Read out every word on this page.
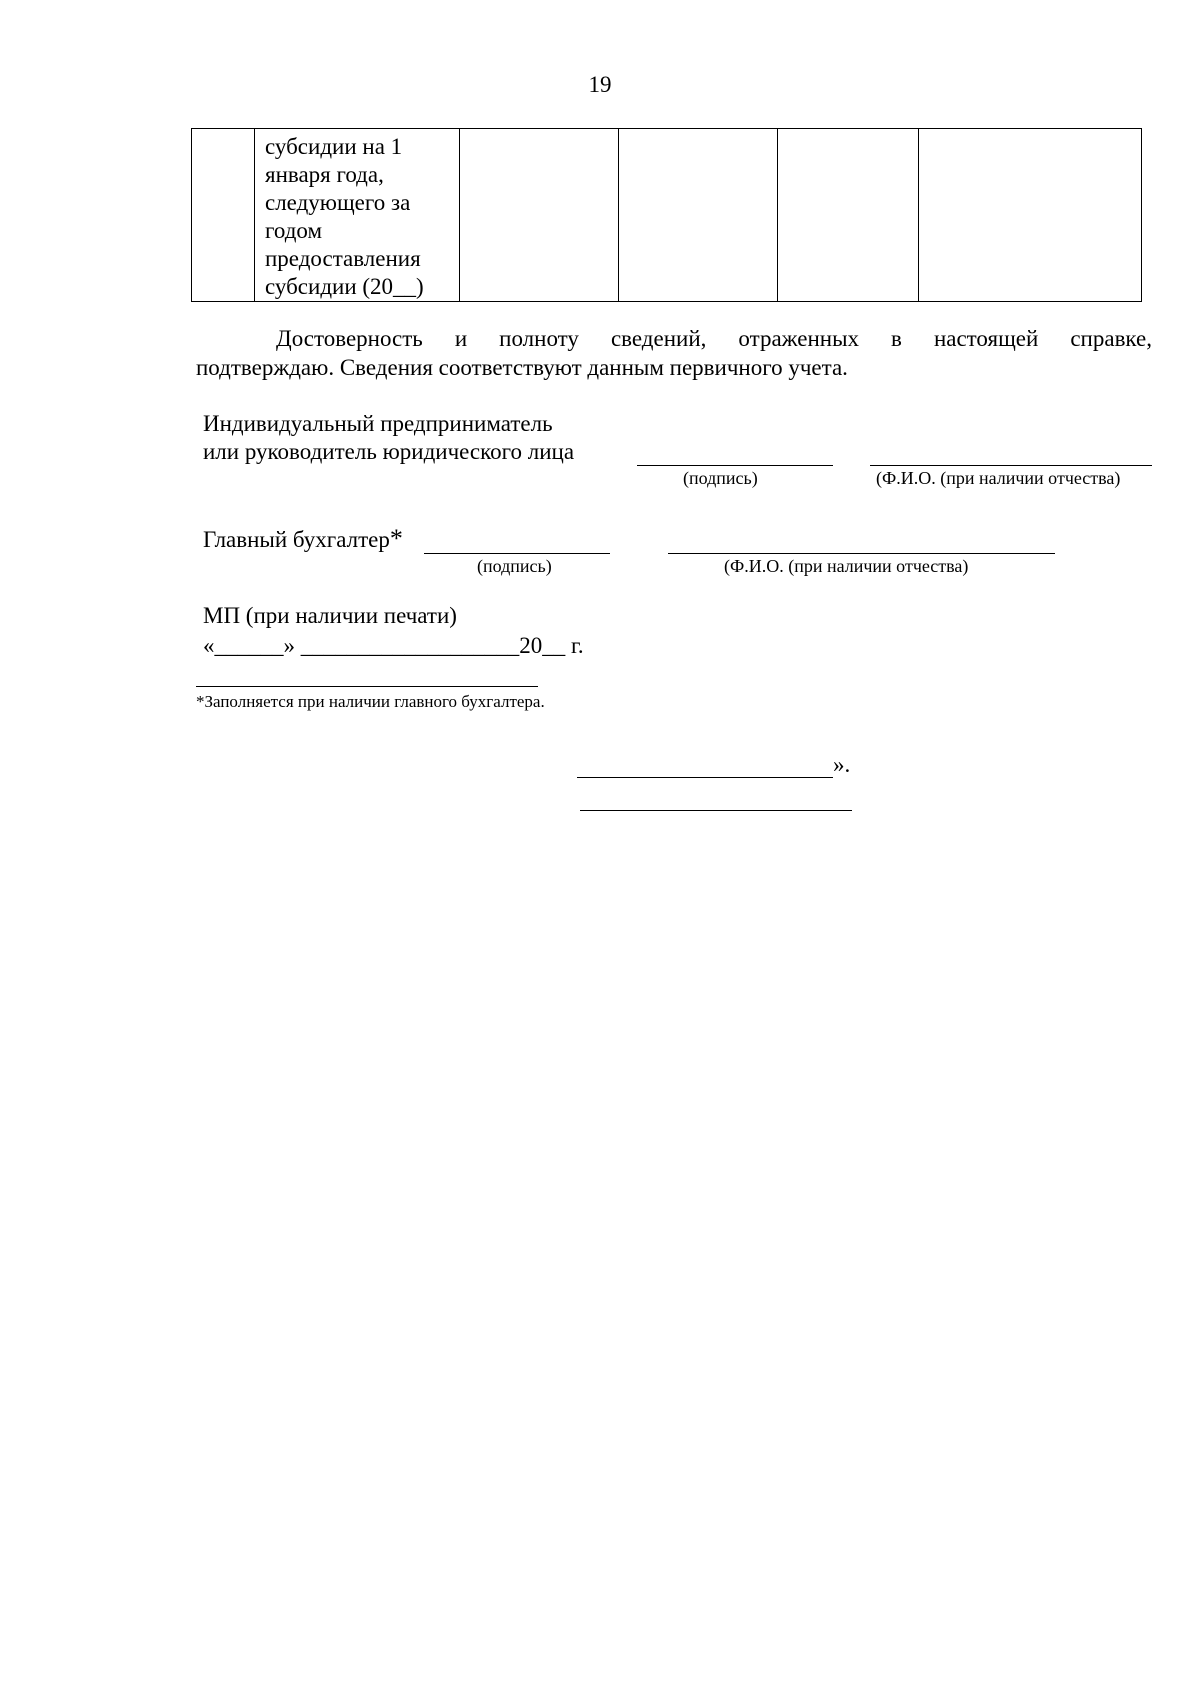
19

субсидии на 1
января года,
следующего за
годом
предоставления
субсидии (20__)

Достоверность и полноту сведений, отраженных в настоящей справке,
подтверждаю. Сведения соответствуют данным первичного учета.
Индивидуальный предприниматель
или руководитель юридического лица
(подпись)	(Ф.И.О. (при наличии отчества)
Главный бухгалтер*
(подпись)	(Ф.И.О. (при наличии отчества)
МП (при наличии печати)
«______» ___________________20__ г.
*Заполняется при наличии главного бухгалтера.
».
